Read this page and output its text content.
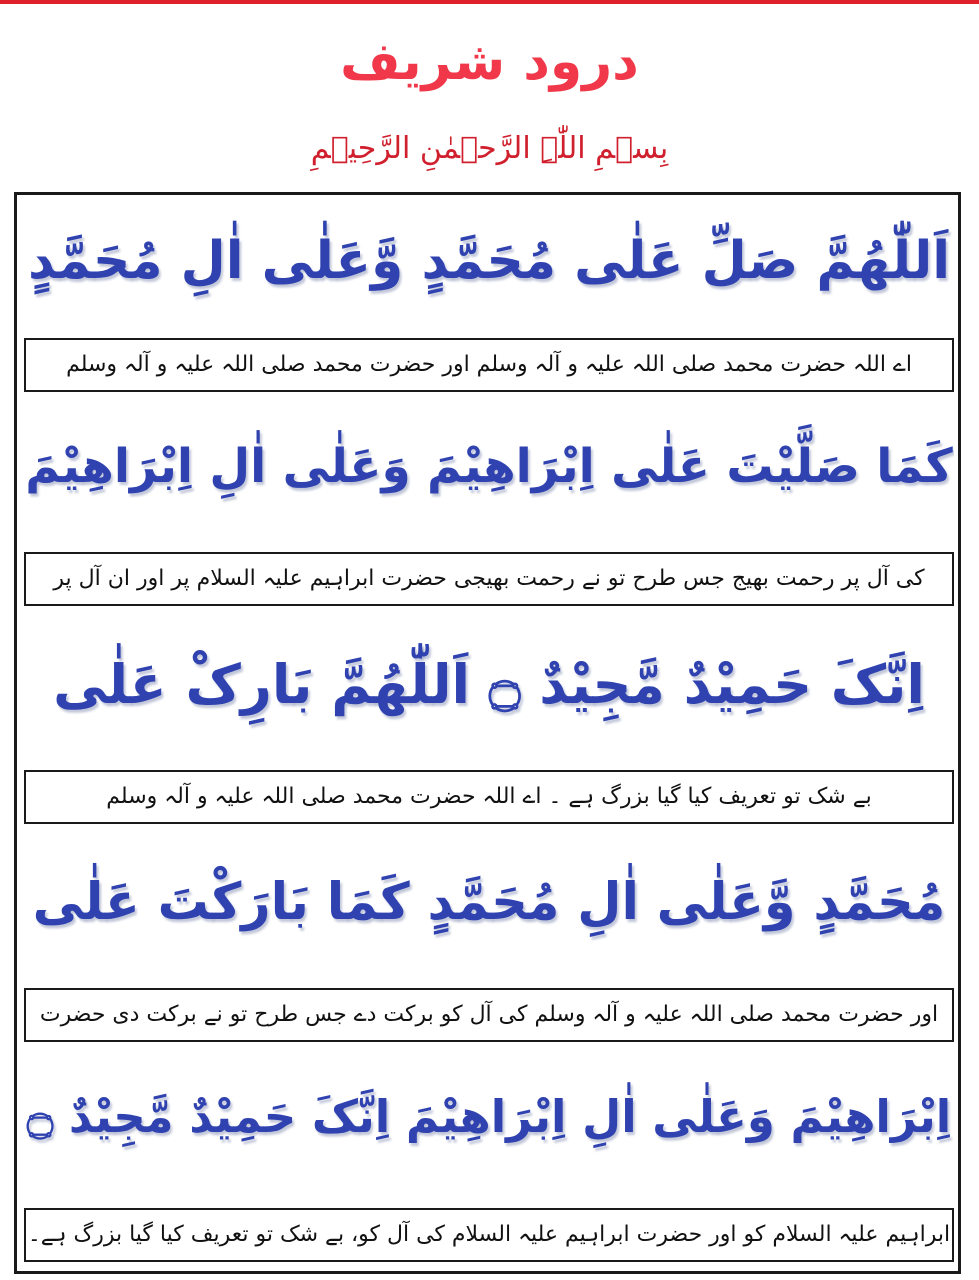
درود شریف
بِسۡمِ اللّٰہِ الرَّحۡمٰنِ الرَّحِیۡمِ
اَللّٰھُمَّ صَلِّ عَلٰی مُحَمَّدٍ وَّعَلٰی اٰلِ مُحَمَّدٍ
اے اللہ حضرت محمد صلی اللہ علیہ و آلہ وسلم اور حضرت محمد صلی اللہ علیہ و آلہ وسلم
کَمَا صَلَّیْتَ عَلٰی اِبْرَاھِیْمَ وَعَلٰی اٰلِ اِبْرَاھِیْمَ
کی آل پر رحمت بھیج جس طرح تو نے رحمت بھیجی حضرت ابراہیم علیہ السلام پر اور ان آل پر
اِنَّکَ حَمِیْدٌ مَّجِیْدٌ ۝ اَللّٰھُمَّ بَارِکْ عَلٰی
بے شک تو تعریف کیا گیا بزرگ ہے ۔ اے اللہ حضرت محمد صلی اللہ علیہ و آلہ وسلم
مُحَمَّدٍ وَّعَلٰی اٰلِ مُحَمَّدٍ کَمَا بَارَکْتَ عَلٰی
اور حضرت محمد صلی اللہ علیہ و آلہ وسلم کی آل کو برکت دے جس طرح تو نے برکت دی حضرت
اِبْرَاھِیْمَ وَعَلٰی اٰلِ اِبْرَاھِیْمَ اِنَّکَ حَمِیْدٌ مَّجِیْدٌ ۝
ابراہیم علیہ السلام کو اور حضرت ابراہیم علیہ السلام کی آل کو، بے شک تو تعریف کیا گیا بزرگ ہے۔
